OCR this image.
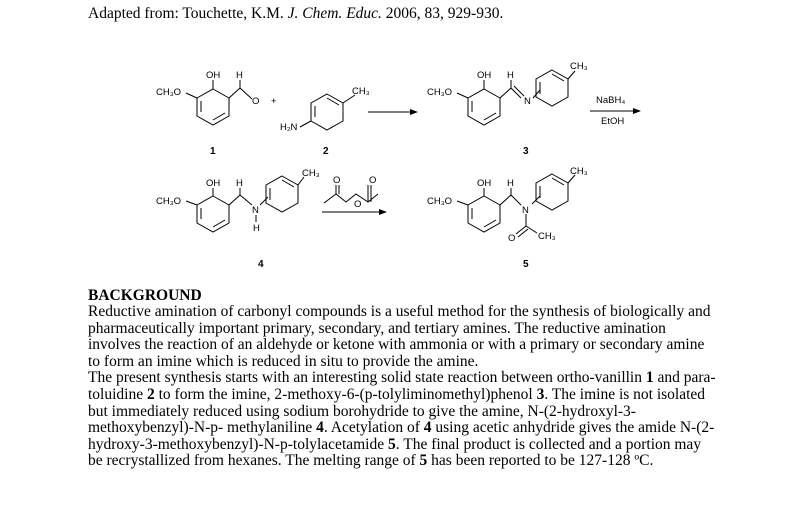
Adapted from: Touchette, K.M. J. Chem. Educ. 2006, 83, 929-930.
OH H
O
CH₃O
+
CH₃
H₂N
OH H
N
CH₃
CH₃O
NaBH₄
EtOH
1	2	3
OH H
N
H
CH₃
CH₃O
O	O
O
OH H
N
O CH₃
CH₃
CH₃O
4	5
BACKGROUND

Reductive amination of carbonyl compounds is a useful method for the synthesis of biologically and pharmaceutically important primary, secondary, and tertiary amines. The reductive amination involves the reaction of an aldehyde or ketone with ammonia or with a primary or secondary amine to form an imine which is reduced in situ to provide the amine.

The present synthesis starts with an interesting solid state reaction between ortho-vanillin 1 and para- toluidine 2 to form the imine, 2-methoxy-6-(p-tolyliminomethyl)phenol 3. The imine is not isolated but immediately reduced using sodium borohydride to give the amine, N-(2-hydroxyl-3-methoxybenzyl)-N-p- methylaniline 4. Acetylation of 4 using acetic anhydride gives the amide N-(2-hydroxy-3-methoxybenzyl)-N-p-tolylacetamide 5. The final product is collected and a portion may be recrystallized from hexanes. The melting range of 5 has been reported to be 127-128 ºC.
